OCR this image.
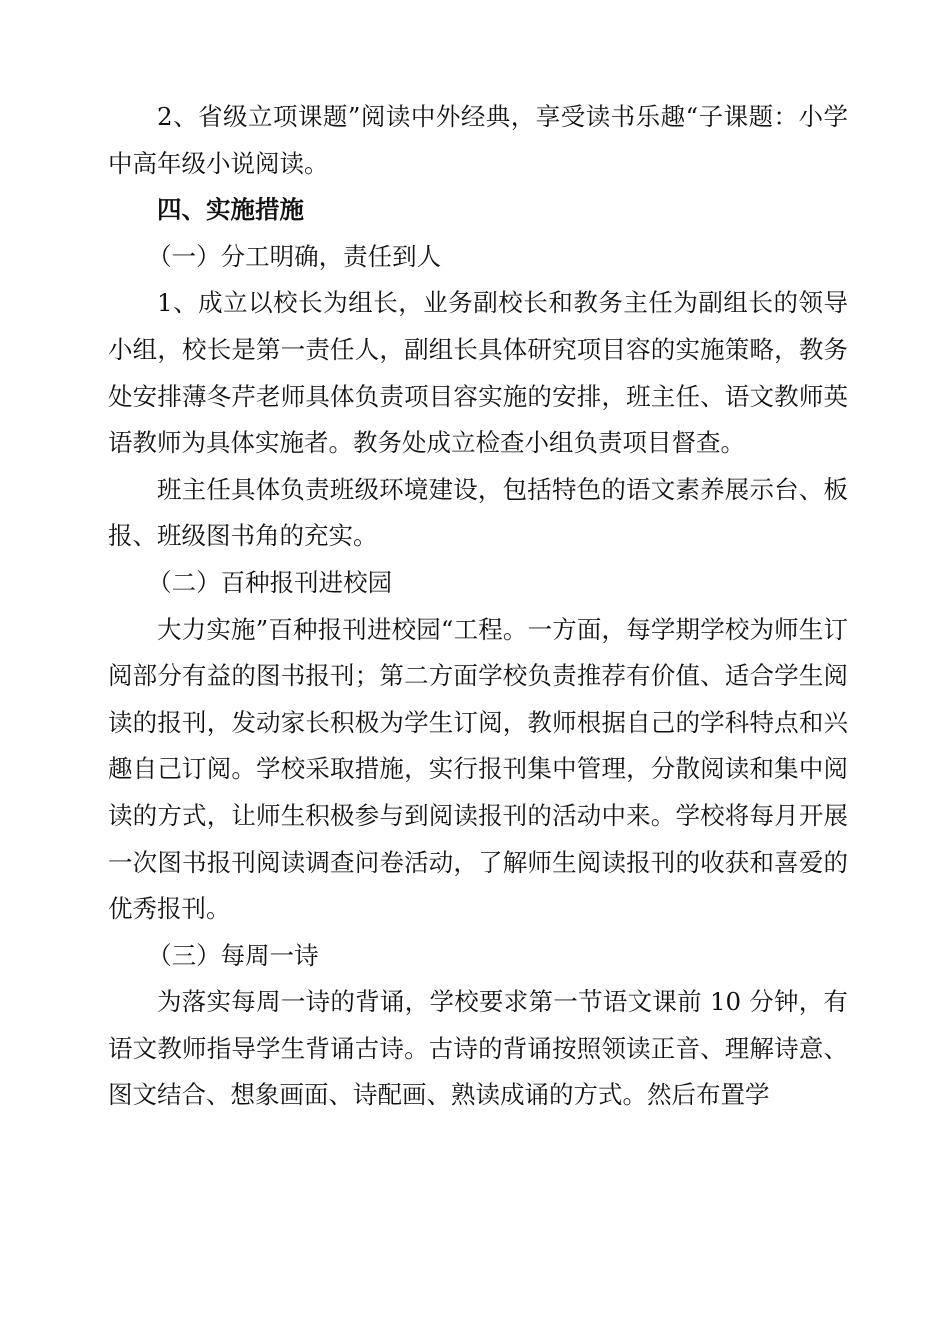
2、省级立项课题”阅读中外经典，享受读书乐趣“子课题：小学中高年级小说阅读。

四、实施措施

（一）分工明确，责任到人

1、成立以校长为组长，业务副校长和教务主任为副组长的领导小组，校长是第一责任人，副组长具体研究项目容的实施策略，教务处安排薄冬芹老师具体负责项目容实施的安排，班主任、语文教师英语教师为具体实施者。教务处成立检查小组负责项目督查。

班主任具体负责班级环境建设，包括特色的语文素养展示台、板报、班级图书角的充实。

（二）百种报刊进校园

大力实施”百种报刊进校园“工程。一方面，每学期学校为师生订阅部分有益的图书报刊；第二方面学校负责推荐有价值、适合学生阅读的报刊，发动家长积极为学生订阅，教师根据自己的学科特点和兴趣自己订阅。学校采取措施，实行报刊集中管理，分散阅读和集中阅读的方式，让师生积极参与到阅读报刊的活动中来。学校将每月开展一次图书报刊阅读调查问卷活动，了解师生阅读报刊的收获和喜爱的优秀报刊。

（三）每周一诗

为落实每周一诗的背诵，学校要求第一节语文课前 10 分钟，有语文教师指导学生背诵古诗。古诗的背诵按照领读正音、理解诗意、图文结合、想象画面、诗配画、熟读成诵的方式。然后布置学
